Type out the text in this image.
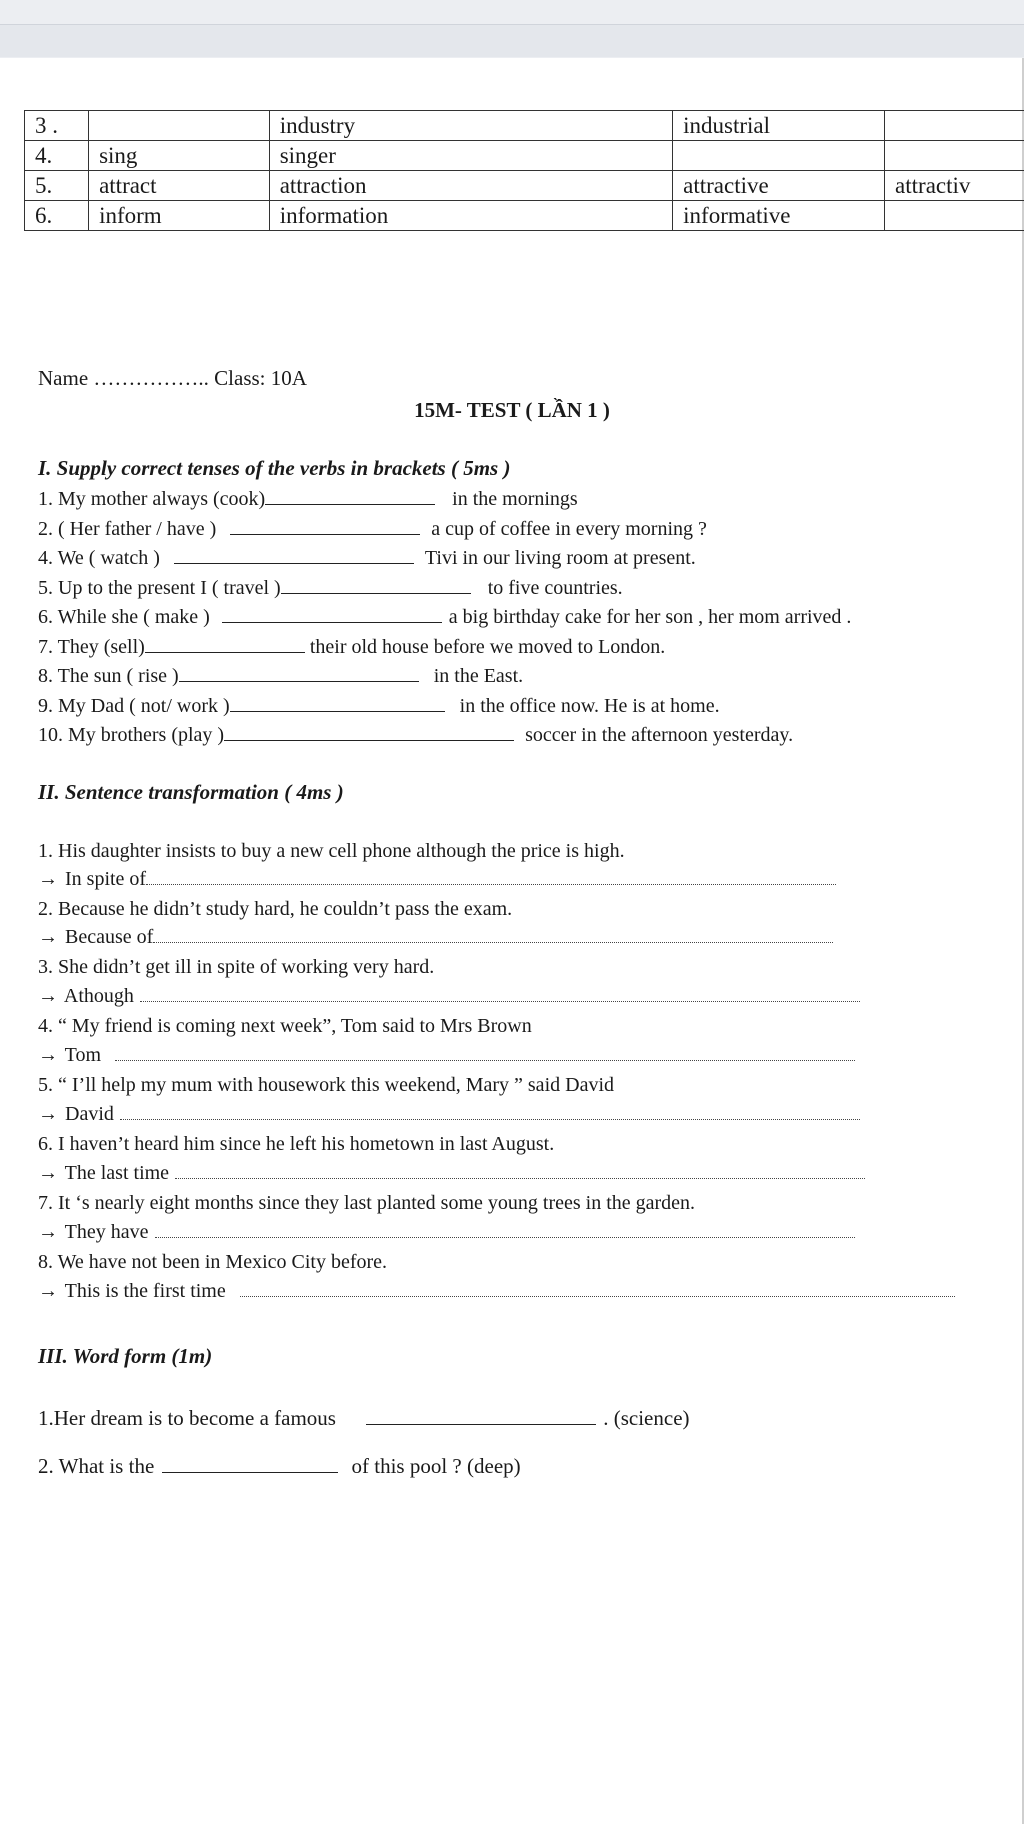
3 .		industry	industrial	
4.	sing	singer		
5.	attract	attraction	attractive	attractiv
6.	inform	information	informative	
Name …………….. Class: 10A
15M- TEST ( LẦN 1 )
I. Supply correct tenses of the verbs in brackets ( 5ms )
1. My mother always (cook)	in the mornings
2. ( Her father / have )	a cup of coffee in every morning ?
4. We ( watch )	Tivi in our living room at present.
5. Up to the present I ( travel )	to five countries.
6. While she ( make )	a big birthday cake for her son , her mom arrived .
7. They (sell)	their old house before we moved to London.
8. The sun ( rise )	in the East.
9. My Dad ( not/ work )	in the office now. He is at home.
10. My brothers (play )	soccer in the afternoon yesterday.
II. Sentence transformation ( 4ms )
1. His daughter insists to buy a new cell phone although the price is high.
→ In spite of
2. Because he didn’t study hard, he couldn’t pass the exam.
→ Because of
3. She didn’t get ill in spite of working very hard.
→ Athough
4. “ My friend is coming next week”, Tom said to Mrs Brown
→ Tom
5. “ I’ll help my mum with housework this weekend, Mary ” said David
→ David
6. I haven’t heard him since he left his hometown in last August.
→ The last time
7. It ‘s nearly eight months since they last planted some young trees in the garden.
→ They have
8. We have not been in Mexico City before.
→ This is the first time
III. Word form (1m)
1.Her dream is to become a famous	. (science)
2. What is the	of this pool ? (deep)
